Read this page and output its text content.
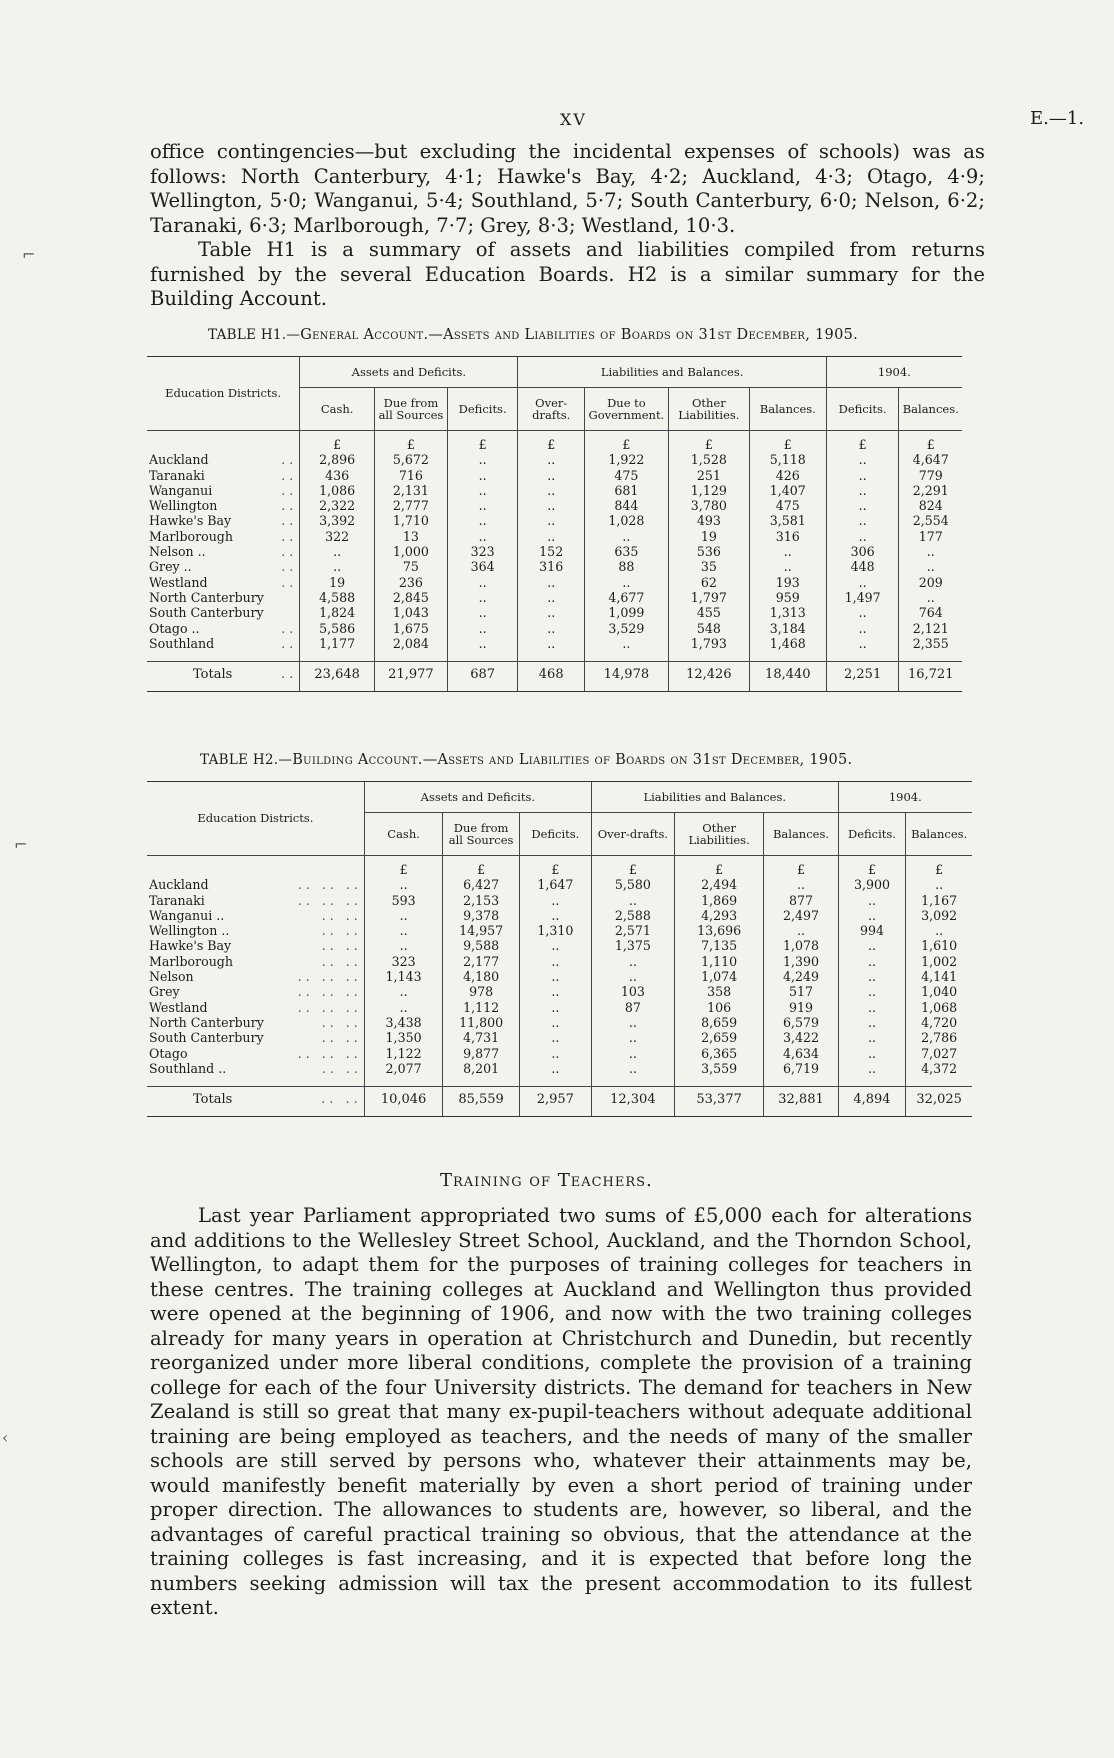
XV	E.—1.
⌐
⌐
‹

office contingencies—but excluding the incidental expenses of schools) was as follows: North Canterbury, 4·1; Hawke's Bay, 4·2; Auckland, 4·3; Otago, 4·9; Wellington, 5·0; Wanganui, 5·4; Southland, 5·7; South Canterbury, 6·0; Nelson, 6·2; Taranaki, 6·3; Marlborough, 7·7; Grey, 8·3; Westland, 10·3.

Table H1 is a summary of assets and liabilities compiled from returns furnished by the several Education Boards. H2 is a similar summary for the Building Account.

TABLE H1.—General Account.—Assets and Liabilities of Boards on 31st December, 1905.
Education Districts.	Assets and Deficits.			Liabilities and Balances.				1904.	
	Cash.	Due from all Sources	Deficits.	Over-drafts.	Due to Government.	Other Liabilities.	Balances.	Deficits.	Balances.
	£	£	£	£	£	£	£	£	£
Auckland ..	2,896	5,672	..	..	1,922	1,528	5,118	..	4,647
Taranaki ..	436	716	..	..	475	251	426	..	779
Wanganui ..	1,086	2,131	..	..	681	1,129	1,407	..	2,291
Wellington ..	2,322	2,777	..	..	844	3,780	475	..	824
Hawke's Bay ..	3,392	1,710	..	..	1,028	493	3,581	..	2,554
Marlborough ..	322	13	..	..	..	19	316	..	177
Nelson .. ..	..	1,000	323	152	635	536	..	306	..
Grey .. ..	..	75	364	316	88	35	..	448	..
Westland ..	19	236	..	..	..	62	193	..	209
North Canterbury	4,588	2,845	..	..	4,677	1,797	959	1,497	..
South Canterbury	1,824	1,043	..	..	1,099	455	1,313	..	764
Otago .. ..	5,586	1,675	..	..	3,529	548	3,184	..	2,121
Southland ..	1,177	2,084	..	..	..	1,793	1,468	..	2,355

Totals ..	23,648	21,977	687	468	14,978	12,426	18,440	2,251	16,721
TABLE H2.—Building Account.—Assets and Liabilities of Boards on 31st December, 1905.
Education Districts.	Assets and Deficits.			Liabilities and Balances.			1904.	
	Cash.	Due from all Sources	Deficits.	Over-drafts.	Other Liabilities.	Balances.	Deficits.	Balances.
	£	£	£	£	£	£	£	£
Auckland .. .. ..	..	6,427	1,647	5,580	2,494	..	3,900	..
Taranaki .. .. ..	593	2,153	..	..	1,869	877	..	1,167
Wanganui .. .. ..	..	9,378	..	2,588	4,293	2,497	..	3,092
Wellington .. .. ..	..	14,957	1,310	2,571	13,696	..	994	..
Hawke's Bay .. ..	..	9,588	..	1,375	7,135	1,078	..	1,610
Marlborough .. ..	323	2,177	..	..	1,110	1,390	..	1,002
Nelson .. .. ..	1,143	4,180	..	..	1,074	4,249	..	4,141
Grey .. .. ..	..	978	..	103	358	517	..	1,040
Westland .. .. ..	..	1,112	..	87	106	919	..	1,068
North Canterbury .. ..	3,438	11,800	..	..	8,659	6,579	..	4,720
South Canterbury .. ..	1,350	4,731	..	..	2,659	3,422	..	2,786
Otago .. .. ..	1,122	9,877	..	..	6,365	4,634	..	7,027
Southland .. .. ..	2,077	8,201	..	..	3,559	6,719	..	4,372

Totals .. ..	10,046	85,559	2,957	12,304	53,377	32,881	4,894	32,025
Training of Teachers.

Last year Parliament appropriated two sums of £5,000 each for alterations and additions to the Wellesley Street School, Auckland, and the Thorndon School, Wellington, to adapt them for the purposes of training colleges for teachers in these centres. The training colleges at Auckland and Wellington thus provided were opened at the beginning of 1906, and now with the two training colleges already for many years in operation at Christchurch and Dunedin, but recently reorganized under more liberal conditions, complete the provision of a training college for each of the four University districts. The demand for teachers in New Zealand is still so great that many ex-pupil-teachers without adequate additional training are being employed as teachers, and the needs of many of the smaller schools are still served by persons who, whatever their attainments may be, would manifestly benefit materially by even a short period of training under proper direction. The allowances to students are, however, so liberal, and the advantages of careful practical training so obvious, that the attendance at the training colleges is fast increasing, and it is expected that before long the numbers seeking admission will tax the present accommodation to its fullest extent.
